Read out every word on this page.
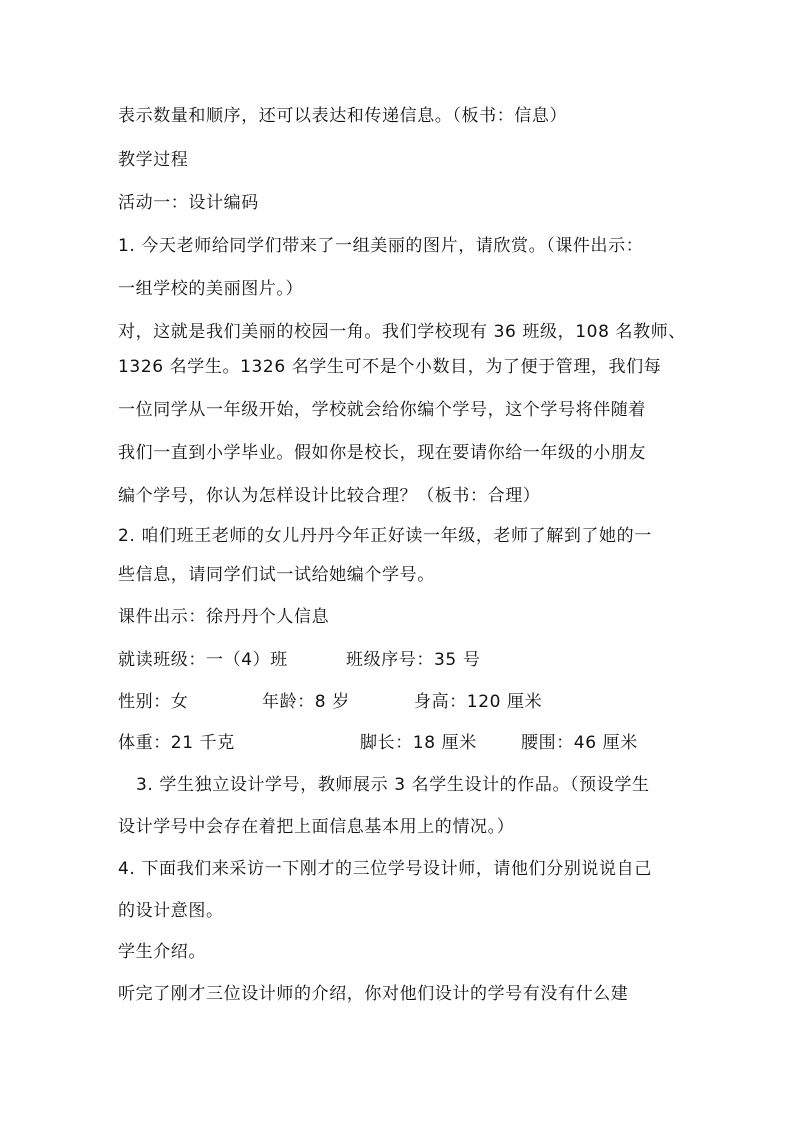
表示数量和顺序，还可以表达和传递信息。（板书：信息）
教学过程
活动一：设计编码
1. 今天老师给同学们带来了一组美丽的图片，请欣赏。（课件出示：
一组学校的美丽图片。）
对，这就是我们美丽的校园一角。我们学校现有 36 班级，108 名教师、
1326 名学生。1326 名学生可不是个小数目，为了便于管理，我们每
一位同学从一年级开始，学校就会给你编个学号，这个学号将伴随着
我们一直到小学毕业。假如你是校长，现在要请你给一年级的小朋友
编个学号，你认为怎样设计比较合理？（板书：合理）
2. 咱们班王老师的女儿丹丹今年正好读一年级，老师了解到了她的一
些信息，请同学们试一试给她编个学号。
课件出示：徐丹丹个人信息
就读班级：一（4）班	班级序号：35 号
性别：女	年龄：8 岁	身高：120 厘米
体重：21 千克	脚长：18 厘米	腰围：46 厘米
3. 学生独立设计学号，教师展示 3 名学生设计的作品。（预设学生
设计学号中会存在着把上面信息基本用上的情况。）
4. 下面我们来采访一下刚才的三位学号设计师，请他们分别说说自己
的设计意图。
学生介绍。
听完了刚才三位设计师的介绍，你对他们设计的学号有没有什么建
